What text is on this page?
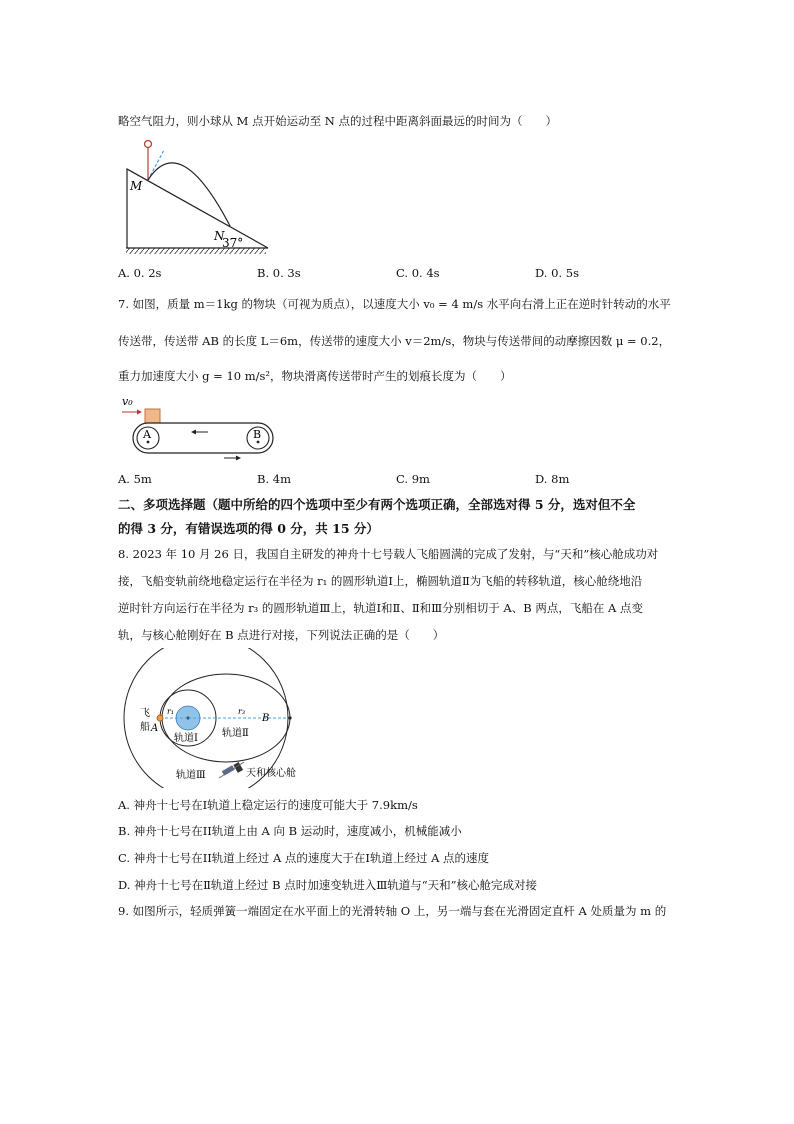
略空气阻力，则小球从 M 点开始运动至 N 点的过程中距离斜面最远的时间为（　　）
M
N
37°
A. 0. 2s	B. 0. 3s	C. 0. 4s	D. 0. 5s
7. 如图，质量 m＝1kg 的物块（可视为质点），以速度大小 v₀ = 4 m/s 水平向右滑上正在逆时针转动的水平
传送带，传送带 AB 的长度 L＝6m，传送带的速度大小 v＝2m/s，物块与传送带间的动摩擦因数 μ = 0.2，
重力加速度大小 g = 10 m/s²，物块滑离传送带时产生的划痕长度为（　　）
v₀
A	B
A. 5m	B. 4m	C. 9m	D. 8m
二、多项选择题（题中所给的四个选项中至少有两个选项正确，全部选对得 5 分，选对但不全
的得 3 分，有错误选项的得 0 分，共 15 分）
8. 2023 年 10 月 26 日，我国自主研发的神舟十七号载人飞船圆满的完成了发射，与“天和”核心舱成功对
接，飞船变轨前绕地稳定运行在半径为 r₁ 的圆形轨道Ⅰ上，椭圆轨道Ⅱ为飞船的转移轨道，核心舱绕地沿
逆时针方向运行在半径为 r₃ 的圆形轨道Ⅲ上，轨道Ⅰ和Ⅱ、Ⅱ和Ⅲ分别相切于 A、B 两点，飞船在 A 点变
轨，与核心舱刚好在 B 点进行对接，下列说法正确的是（　　）
飞
船 A
B
r₁	r₃
轨道Ⅰ 轨道Ⅱ
轨道Ⅲ	天和核心舱
A. 神舟十七号在Ⅰ轨道上稳定运行的速度可能大于 7.9km/s
B. 神舟十七号在ⅠⅠ轨道上由 A 向 B 运动时，速度减小，机械能减小
C. 神舟十七号在ⅠⅠ轨道上经过 A 点的速度大于在Ⅰ轨道上经过 A 点的速度
D. 神舟十七号在Ⅱ轨道上经过 B 点时加速变轨进入Ⅲ轨道与“天和”核心舱完成对接
9. 如图所示，轻质弹簧一端固定在水平面上的光滑转轴 O 上，另一端与套在光滑固定直杆 A 处质量为 m 的
